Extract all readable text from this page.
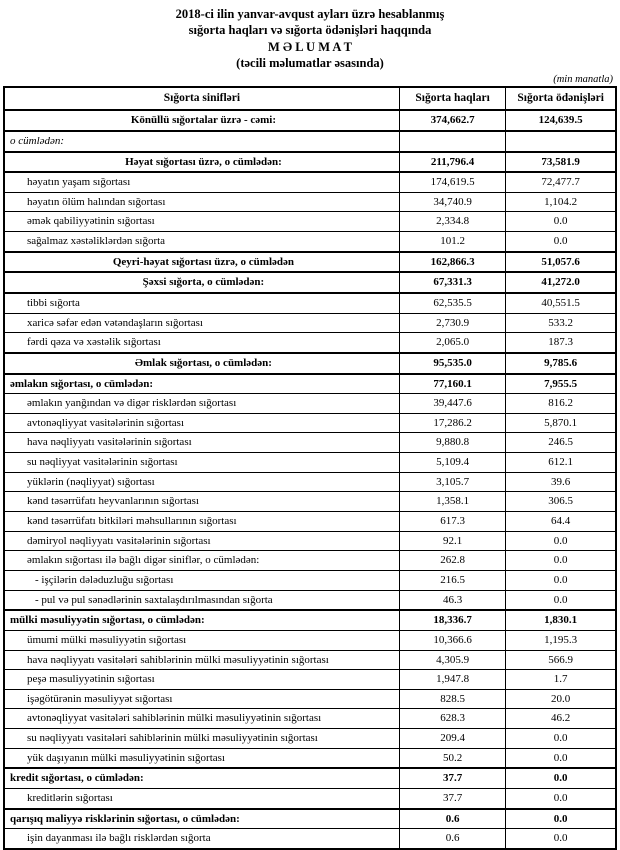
2018-ci ilin yanvar-avqust ayları üzrə hesablanmış
sığorta haqları və sığorta ödənişləri haqqında
M Ə L U M A T
(təcili məlumatlar əsasında)
(min manatla)
Sığorta sinifləri	Sığorta haqları	Sığorta ödənişləri
Könüllü sığortalar üzrə - cəmi:	374,662.7	124,639.5
o cümlədən:		
Həyat sığortası üzrə, o cümlədən:	211,796.4	73,581.9
həyatın yaşam sığortası	174,619.5	72,477.7
həyatın ölüm halından sığortası	34,740.9	1,104.2
əmək qabiliyyətinin sığortası	2,334.8	0.0
sağalmaz xəstəliklərdən sığorta	101.2	0.0
Qeyri-həyat sığortası üzrə, o cümlədən	162,866.3	51,057.6
Şəxsi sığorta, o cümlədən:	67,331.3	41,272.0
tibbi sığorta	62,535.5	40,551.5
xaricə səfər edən vətəndaşların sığortası	2,730.9	533.2
fərdi qəza və xəstəlik sığortası	2,065.0	187.3
Əmlak sığortası, o cümlədən:	95,535.0	9,785.6
əmlakın sığortası, o cümlədən:	77,160.1	7,955.5
əmlakın yanğından və digər risklərdən sığortası	39,447.6	816.2
avtonəqliyyat vasitələrinin sığortası	17,286.2	5,870.1
hava nəqliyyatı vasitələrinin sığortası	9,880.8	246.5
su nəqliyyat vasitələrinin sığortası	5,109.4	612.1
yüklərin (nəqliyyat) sığortası	3,105.7	39.6
kənd təsərrüfatı heyvanlarının sığortası	1,358.1	306.5
kənd təsərrüfatı bitkiləri məhsullarının sığortası	617.3	64.4
dəmiryol nəqliyyatı vasitələrinin sığortası	92.1	0.0
əmlakın sığortası ilə bağlı digər siniflər, o cümlədən:	262.8	0.0
- işçilərin dələduzluğu sığortası	216.5	0.0
- pul və pul sənədlərinin saxtalaşdırılmasından sığorta	46.3	0.0
mülki məsuliyyətin sığortası, o cümlədən:	18,336.7	1,830.1
ümumi mülki məsuliyyətin sığortası	10,366.6	1,195.3
hava nəqliyyatı vasitələri sahiblərinin mülki məsuliyyətinin sığortası	4,305.9	566.9
peşə məsuliyyətinin sığortası	1,947.8	1.7
işəgötürənin məsuliyyət sığortası	828.5	20.0
avtonəqliyyat vasitələri sahiblərinin mülki məsuliyyətinin sığortası	628.3	46.2
su nəqliyyatı vasitələri sahiblərinin mülki məsuliyyətinin sığortası	209.4	0.0
yük daşıyanın mülki məsuliyyətinin sığortası	50.2	0.0
kredit sığortası, o cümlədən:	37.7	0.0
kreditlərin sığortası	37.7	0.0
qarışıq maliyyə risklərinin sığortası, o cümlədən:	0.6	0.0
işin dayanması ilə bağlı risklərdən sığorta	0.6	0.0
